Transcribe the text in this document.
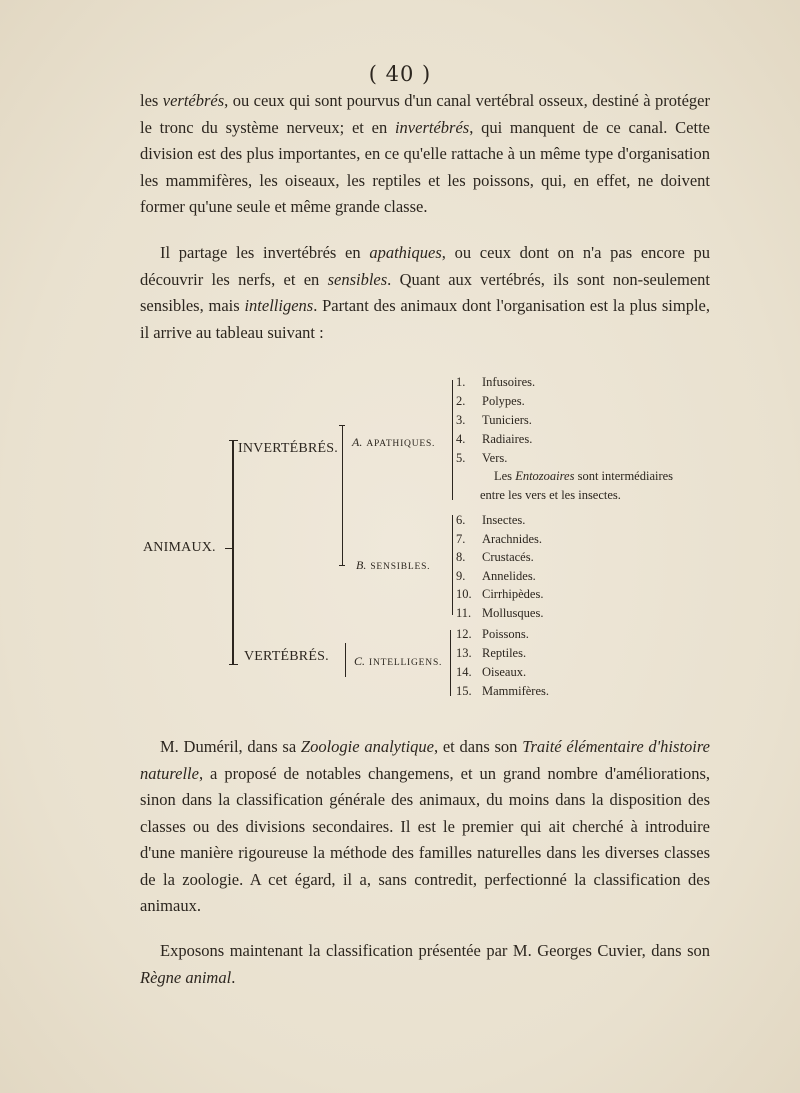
( 40 )
les vertébrés, ou ceux qui sont pourvus d'un canal vertébral osseux, destiné à protéger le tronc du système nerveux; et en invertébrés, qui manquent de ce canal. Cette division est des plus importantes, en ce qu'elle rattache à un même type d'organisation les mammifères, les oiseaux, les reptiles et les poissons, qui, en effet, ne doivent former qu'une seule et même grande classe.
Il partage les invertébrés en apathiques, ou ceux dont on n'a pas encore pu découvrir les nerfs, et en sensibles. Quant aux vertébrés, ils sont non-seulement sensibles, mais intelligens. Partant des animaux dont l'organisation est la plus simple, il arrive au tableau suivant :
ANIMAUX.
INVERTÉBRÉS.
VERTÉBRÉS.
A. APATHIQUES.
B. SENSIBLES.
C. INTELLIGENS.
1. Infusoires.
2. Polypes.
3. Tuniciers.
4. Radiaires.
5. Vers.
Les Entozoaires sont intermédiaires
entre les vers et les insectes.
6. Insectes.
7. Arachnides.
8. Crustacés.
9. Annelides.
10. Cirrhipèdes.
11. Mollusques.
12. Poissons.
13. Reptiles.
14. Oiseaux.
15. Mammifères.
M. Duméril, dans sa Zoologie analytique, et dans son Traité élémentaire d'histoire naturelle, a proposé de notables changemens, et un grand nombre d'améliorations, sinon dans la classification générale des animaux, du moins dans la disposition des classes ou des divisions secondaires. Il est le premier qui ait cherché à introduire d'une manière rigoureuse la méthode des familles naturelles dans les diverses classes de la zoologie. A cet égard, il a, sans contredit, perfectionné la classification des animaux.
Exposons maintenant la classification présentée par M. Georges Cuvier, dans son Règne animal.
